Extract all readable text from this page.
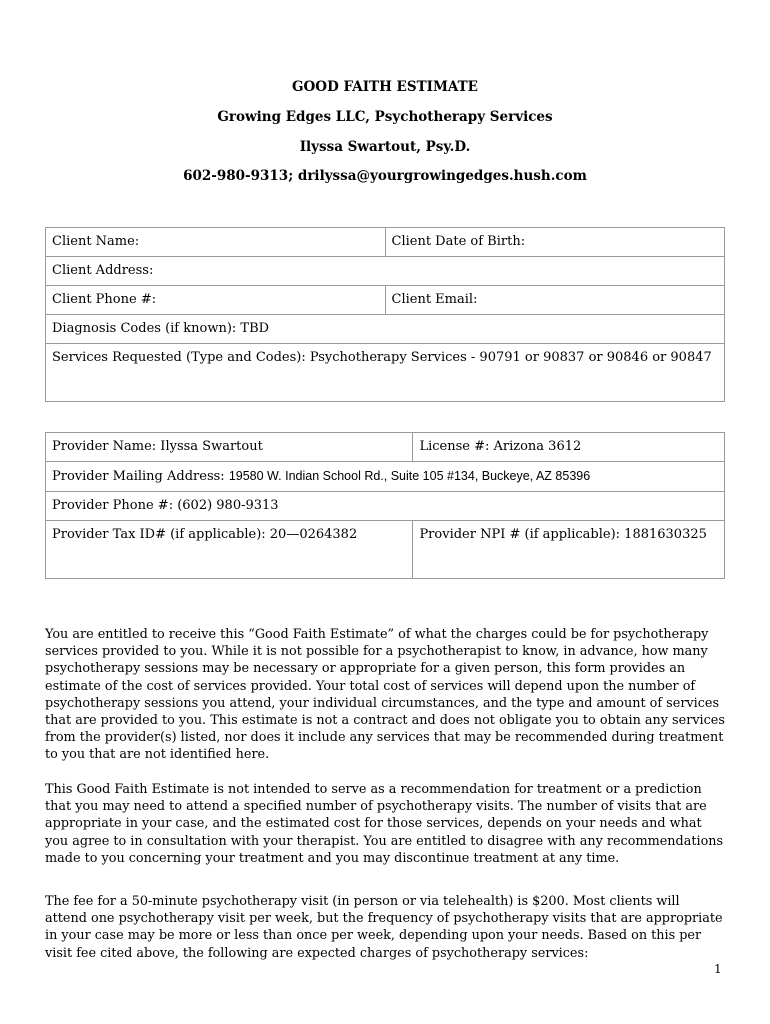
GOOD FAITH ESTIMATE
Growing Edges LLC, Psychotherapy Services
Ilyssa Swartout, Psy.D.
602-980-9313; drilyssa@yourgrowingedges.hush.com
Client Name:	Client Date of Birth:
Client Address:	
Client Phone #:	Client Email:
Diagnosis Codes (if known): TBD	
Services Requested (Type and Codes): Psychotherapy Services - 90791 or 90837 or 90846 or 90847	
Provider Name: Ilyssa Swartout	License #: Arizona 3612
Provider Mailing Address: 19580 W. Indian School Rd., Suite 105 #134, Buckeye, AZ 85396	
Provider Phone #: (602) 980-9313	
Provider Tax ID# (if applicable): 20—0264382	Provider NPI # (if applicable): 1881630325

You are entitled to receive this “Good Faith Estimate” of what the charges could be for psychotherapy services provided to you. While it is not possible for a psychotherapist to know, in advance, how many psychotherapy sessions may be necessary or appropriate for a given person, this form provides an estimate of the cost of services provided. Your total cost of services will depend upon the number of psychotherapy sessions you attend, your individual circumstances, and the type and amount of services that are provided to you. This estimate is not a contract and does not obligate you to obtain any services from the provider(s) listed, nor does it include any services that may be recommended during treatment to you that are not identified here.

This Good Faith Estimate is not intended to serve as a recommendation for treatment or a prediction that you may need to attend a specified number of psychotherapy visits. The number of visits that are appropriate in your case, and the estimated cost for those services, depends on your needs and what you agree to in consultation with your therapist. You are entitled to disagree with any recommendations made to you concerning your treatment and you may discontinue treatment at any time.

The fee for a 50-minute psychotherapy visit (in person or via telehealth) is $200. Most clients will attend one psychotherapy visit per week, but the frequency of psychotherapy visits that are appropriate in your case may be more or less than once per week, depending upon your needs. Based on this per visit fee cited above, the following are expected charges of psychotherapy services:

1
